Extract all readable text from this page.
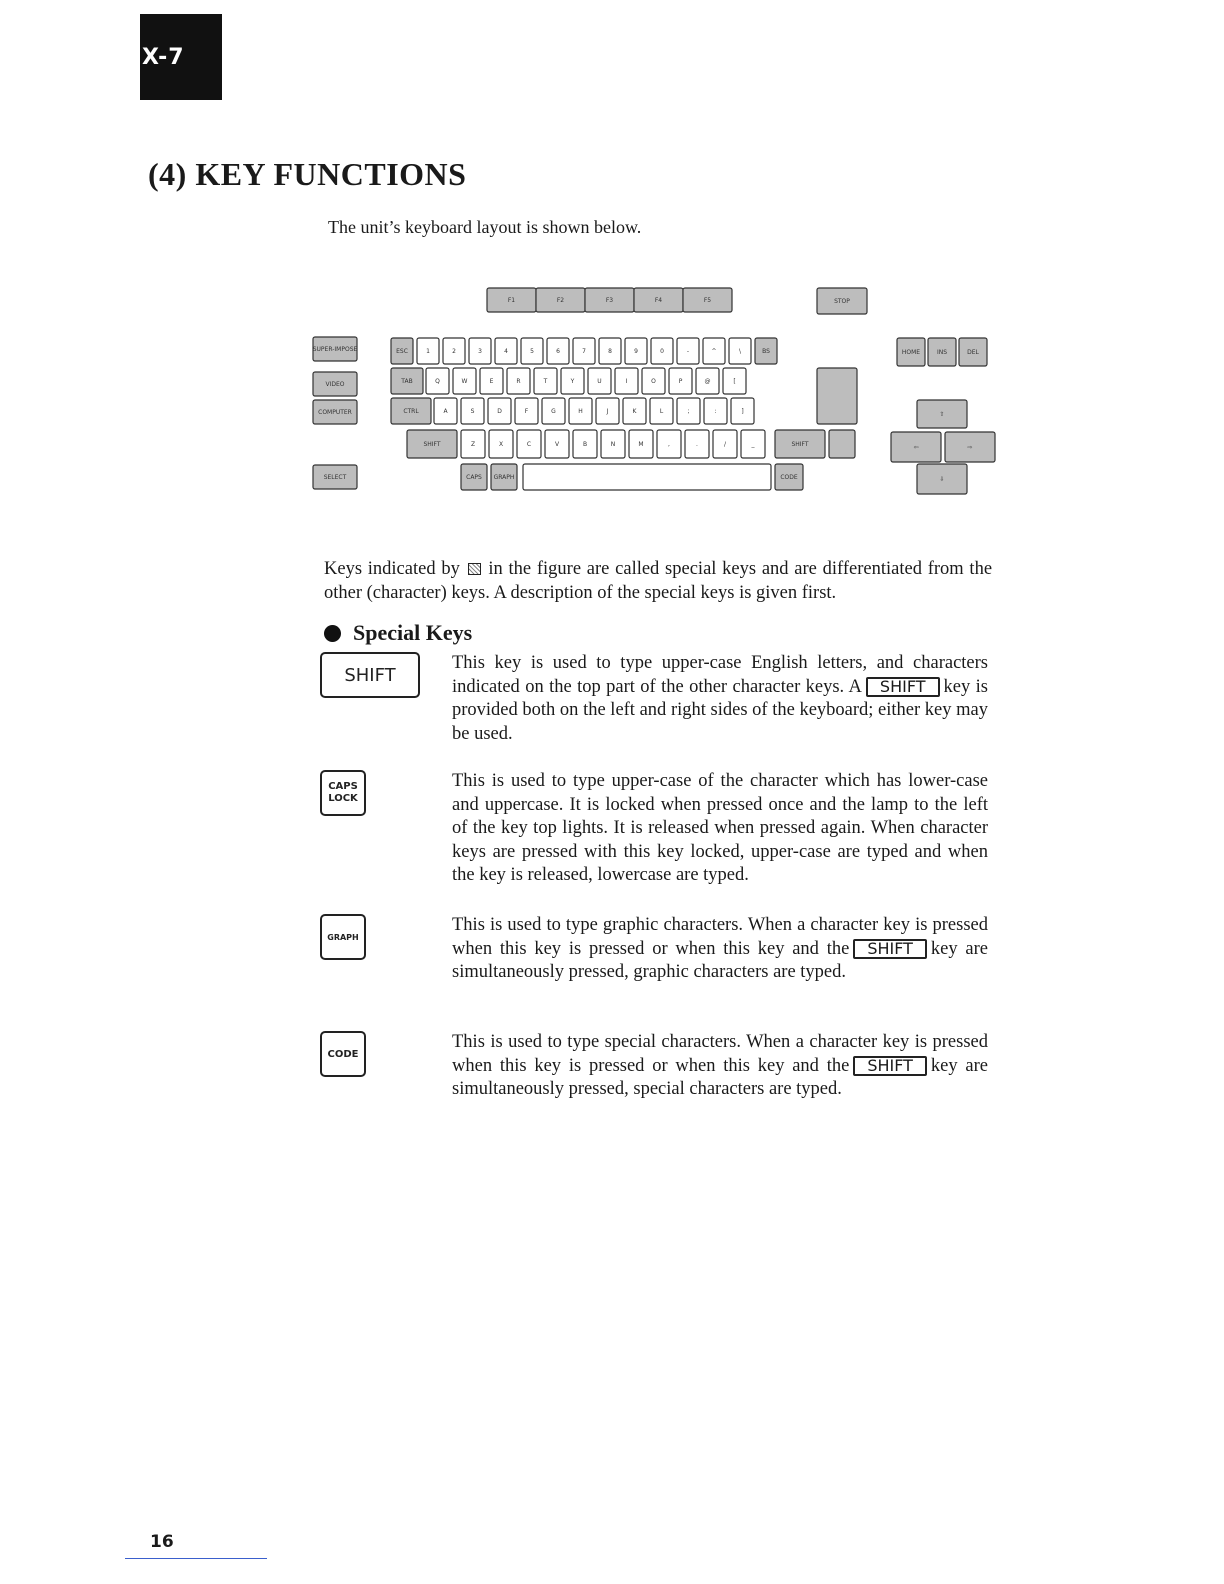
X-7
(4) KEY FUNCTIONS

The unit’s keyboard layout is shown below.

F1	F2	F3	F4	F5	STOP
SUPER-IMPOSE
VIDEO
COMPUTER
SELECT
ESC	1	2	3	4	5	6	7	8	9	0	-	^	\	BS
TAB	Q	W	E	R	T	Y	U	I	O	P	@	[
CTRL	A	S	D	F	G	H	J	K	L	;	:	]
SHIFT	Z	X	C	V	B	N	M	,	.	/	_	SHIFT
CAPS GRAPH	CODE
HOME	INS	DEL
⇧
⇦	⇨
⇩

Keys indicated by in the figure are called special keys and are differentiated from the other (character) keys. A description of the special keys is given first.

Special Keys
SHIFT

This key is used to type upper-case English letters, and characters indicated on the top part of the other character keys. A SHIFT key is provided both on the left and right sides of the keyboard; either key may be used.

CAPS
LOCK

This is used to type upper-case of the character which has lower-case and uppercase. It is locked when pressed once and the lamp to the left of the key top lights. It is released when pressed again. When character keys are pressed with this key locked, upper-case are typed and when the key is released, lowercase are typed.

GRAPH

This is used to type graphic characters. When a character key is pressed when this key is pressed or when this key and the SHIFT key are simultaneously pressed, graphic characters are typed.

CODE

This is used to type special characters. When a character key is pressed when this key is pressed or when this key and the SHIFT key are simultaneously pressed, special characters are typed.

16
